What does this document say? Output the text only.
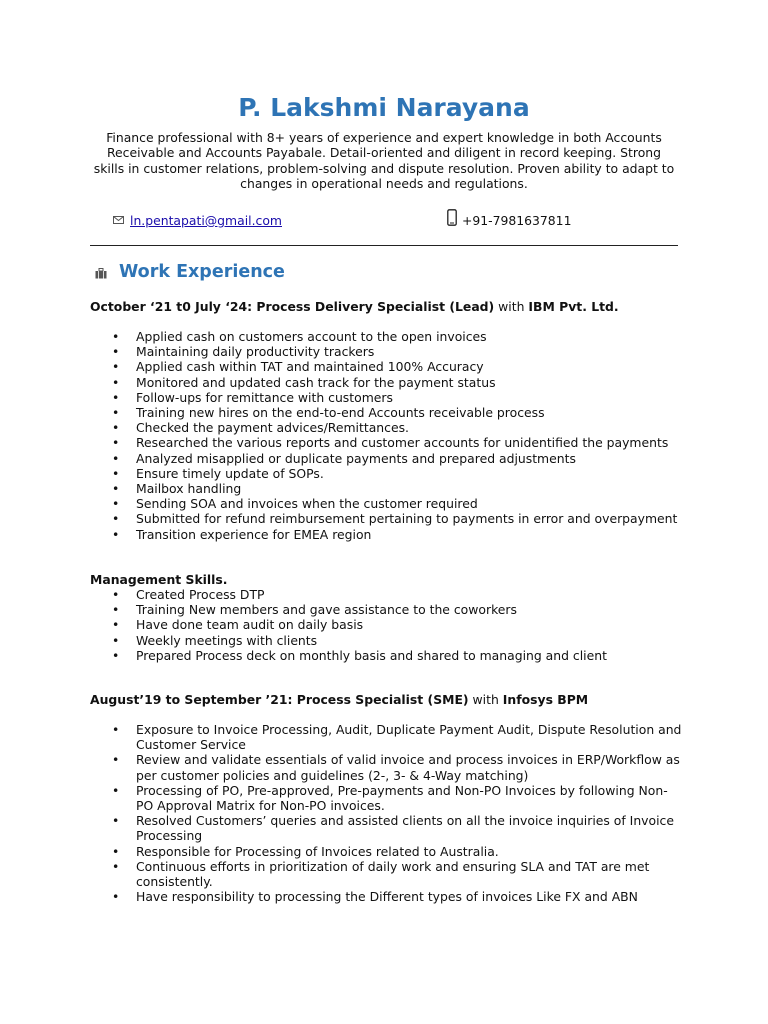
P. Lakshmi Narayana

Finance professional with 8+ years of experience and expert knowledge in both Accounts Receivable and Accounts Payabale. Detail-oriented and diligent in record keeping. Strong skills in customer relations, problem-solving and dispute resolution. Proven ability to adapt to changes in operational needs and regulations.

ln.pentapati@gmail.com	+91-7981637811
Work Experience

October ‘21 t0 July ‘24: Process Delivery Specialist (Lead) with IBM Pvt. Ltd.

• Applied cash on customers account to the open invoices
• Maintaining daily productivity trackers
• Applied cash within TAT and maintained 100% Accuracy
• Monitored and updated cash track for the payment status
• Follow-ups for remittance with customers
• Training new hires on the end-to-end Accounts receivable process
• Checked the payment advices/Remittances.
• Researched the various reports and customer accounts for unidentified the payments
• Analyzed misapplied or duplicate payments and prepared adjustments
• Ensure timely update of SOPs.
• Mailbox handling
• Sending SOA and invoices when the customer required
• Submitted for refund reimbursement pertaining to payments in error and overpayment
• Transition experience for EMEA region

Management Skills.

• Created Process DTP
• Training New members and gave assistance to the coworkers
• Have done team audit on daily basis
• Weekly meetings with clients
• Prepared Process deck on monthly basis and shared to managing and client

August’19 to September ’21: Process Specialist (SME) with Infosys BPM

• Exposure to Invoice Processing, Audit, Duplicate Payment Audit, Dispute Resolution and Customer Service
• Review and validate essentials of valid invoice and process invoices in ERP/Workflow as per customer policies and guidelines (2-, 3- & 4-Way matching)
• Processing of PO, Pre-approved, Pre-payments and Non-PO Invoices by following Non-PO Approval Matrix for Non-PO invoices.
• Resolved Customers’ queries and assisted clients on all the invoice inquiries of Invoice Processing
• Responsible for Processing of Invoices related to Australia.
• Continuous efforts in prioritization of daily work and ensuring SLA and TAT are met consistently.
• Have responsibility to processing the Different types of invoices Like FX and ABN
